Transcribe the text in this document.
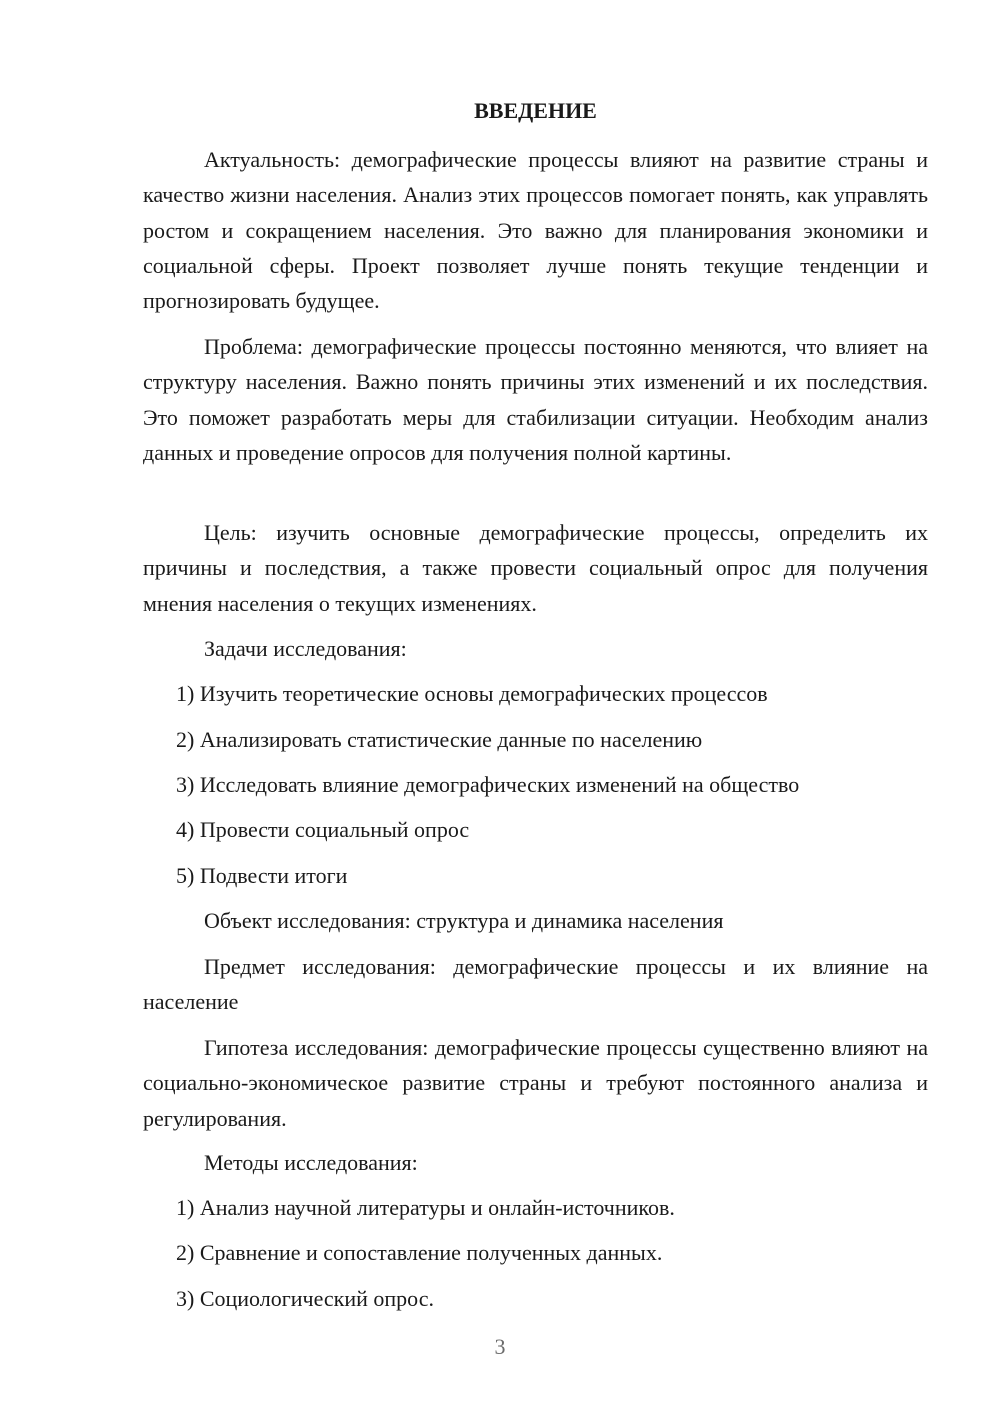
ВВЕДЕНИЕ

Актуальность: демографические процессы влияют на развитие страны и качество жизни населения. Анализ этих процессов помогает понять, как управлять ростом и сокращением населения. Это важно для планирования экономики и социальной сферы. Проект позволяет лучше понять текущие тенденции и прогнозировать будущее.

Проблема: демографические процессы постоянно меняются, что влияет на структуру населения. Важно понять причины этих изменений и их последствия. Это поможет разработать меры для стабилизации ситуации. Необходим анализ данных и проведение опросов для получения полной картины.

Цель: изучить основные демографические процессы, определить их причины и последствия, а также провести социальный опрос для получения мнения населения о текущих изменениях.

Задачи исследования:

1) Изучить теоретические основы демографических процессов

2) Анализировать статистические данные по населению

3) Исследовать влияние демографических изменений на общество

4) Провести социальный опрос

5) Подвести итоги

Объект исследования: структура и динамика населения

Предмет исследования: демографические процессы и их влияние на население

Гипотеза исследования: демографические процессы существенно влияют на социально-экономическое развитие страны и требуют постоянного анализа и регулирования.

Методы исследования:

1) Анализ научной литературы и онлайн-источников.

2) Сравнение и сопоставление полученных данных.

3) Социологический опрос.

3
